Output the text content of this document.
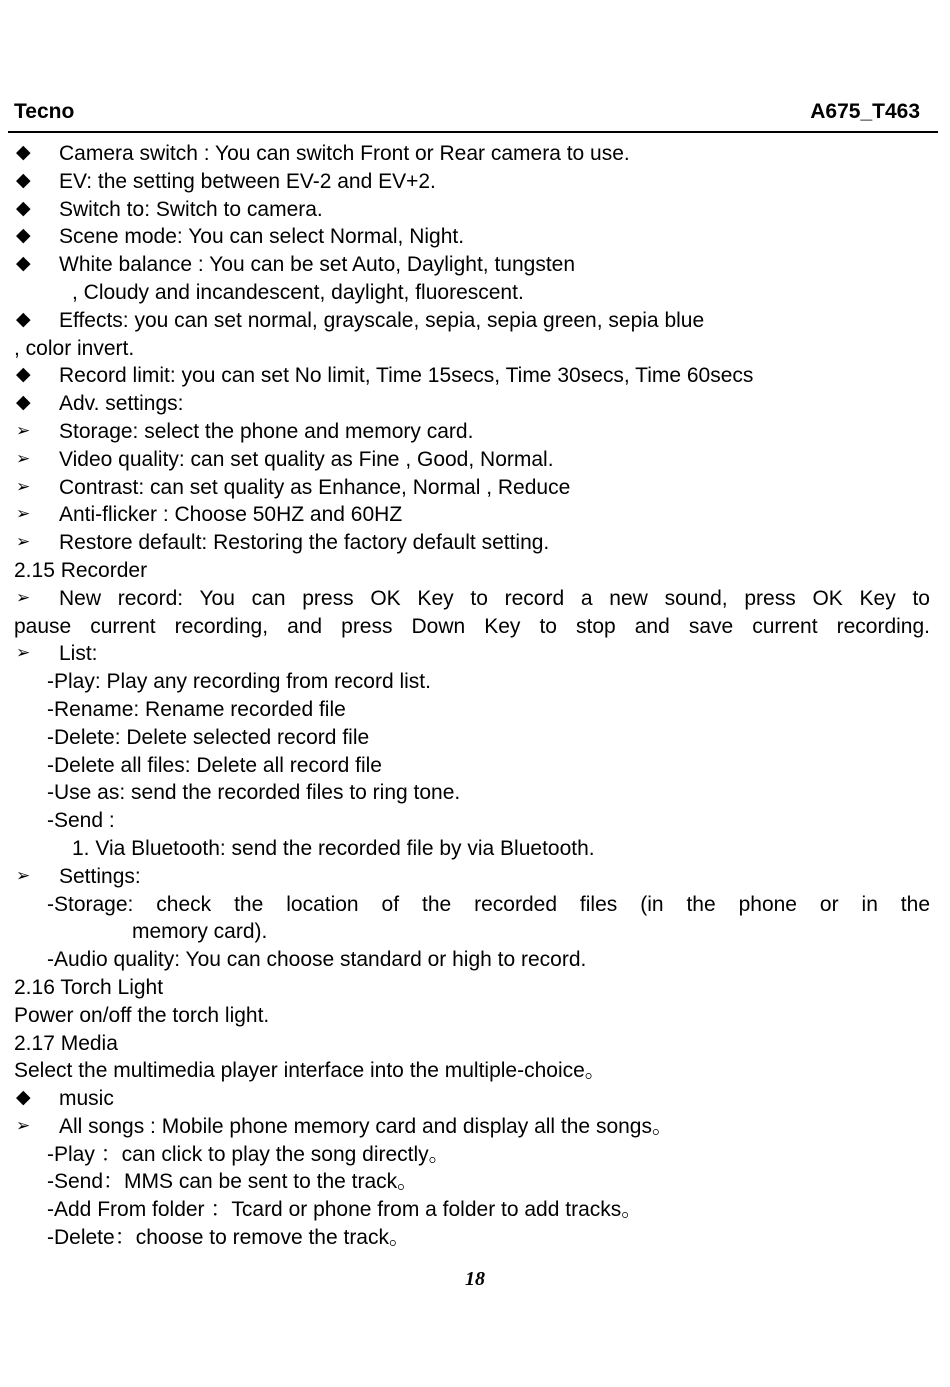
Tecno	A675_T463
◆ Camera switch : You can switch Front or Rear camera to use.
◆ EV: the setting between EV-2 and EV+2.
◆ Switch to: Switch to camera.
◆ Scene mode: You can select Normal, Night.
◆ White balance : You can be set Auto, Daylight, tungsten
, Cloudy and incandescent, daylight, fluorescent.
◆ Effects: you can set normal, grayscale, sepia, sepia green, sepia blue
, color invert.
◆ Record limit: you can set No limit, Time 15secs, Time 30secs, Time 60secs
◆ Adv. settings:
➢ Storage: select the phone and memory card.
➢ Video quality: can set quality as Fine , Good, Normal.
➢ Contrast: can set quality as Enhance, Normal , Reduce
➢ Anti-flicker : Choose 50HZ and 60HZ
➢ Restore default: Restoring the factory default setting.
2.15 Recorder
➢ New record: You can press OK Key to record a new sound, press OK Key to
pause current recording, and press Down Key to stop and save current recording.
➢ List:
-Play: Play any recording from record list.
-Rename: Rename recorded file
-Delete: Delete selected record file
-Delete all files: Delete all record file
-Use as: send the recorded files to ring tone.
-Send :
1. Via Bluetooth: send the recorded file by via Bluetooth.
➢ Settings:
-Storage: check the location of the recorded files (in the phone or in the
memory card).
-Audio quality: You can choose standard or high to record.
2.16 Torch Light
Power on/off the torch light.
2.17 Media
Select the multimedia player interface into the multiple-choice。
◆ music
➢ All songs : Mobile phone memory card and display all the songs。
-Play ：can click to play the song directly。
-Send：MMS can be sent to the track。
-Add From folder ：Tcard or phone from a folder to add tracks。
-Delete：choose to remove the track。
18
